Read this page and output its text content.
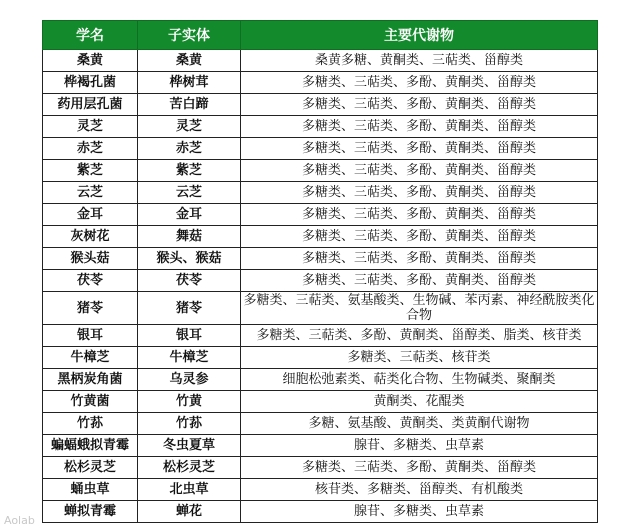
学名	子实体	主要代谢物
桑黄	桑黄	桑黄多糖、黄酮类、三萜类、甾醇类
桦褐孔菌	桦树茸	多糖类、三萜类、多酚、黄酮类、甾醇类
药用层孔菌	苦白蹄	多糖类、三萜类、多酚、黄酮类、甾醇类
灵芝	灵芝	多糖类、三萜类、多酚、黄酮类、甾醇类
赤芝	赤芝	多糖类、三萜类、多酚、黄酮类、甾醇类
紫芝	紫芝	多糖类、三萜类、多酚、黄酮类、甾醇类
云芝	云芝	多糖类、三萜类、多酚、黄酮类、甾醇类
金耳	金耳	多糖类、三萜类、多酚、黄酮类、甾醇类
灰树花	舞菇	多糖类、三萜类、多酚、黄酮类、甾醇类
猴头菇	猴头、猴菇	多糖类、三萜类、多酚、黄酮类、甾醇类
茯苓	茯苓	多糖类、三萜类、多酚、黄酮类、甾醇类
猪苓	猪苓	多糖类、三萜类、氨基酸类、生物碱、苯丙素、神经酰胺类化合物
银耳	银耳	多糖类、三萜类、多酚、黄酮类、甾醇类、脂类、核苷类
牛樟芝	牛樟芝	多糖类、三萜类、核苷类
黑柄炭角菌	乌灵参	细胞松弛素类、萜类化合物、生物碱类、聚酮类
竹黄菌	竹黄	黄酮类、花醌类
竹荪	竹荪	多糖、氨基酸、黄酮类、类黄酮代谢物
蝙蝠蛾拟青霉	冬虫夏草	腺苷、多糖类、虫草素
松杉灵芝	松杉灵芝	多糖类、三萜类、多酚、黄酮类、甾醇类
蛹虫草	北虫草	核苷类、多糖类、甾醇类、有机酸类
蝉拟青霉	蝉花	腺苷、多糖类、虫草素
Aolab
